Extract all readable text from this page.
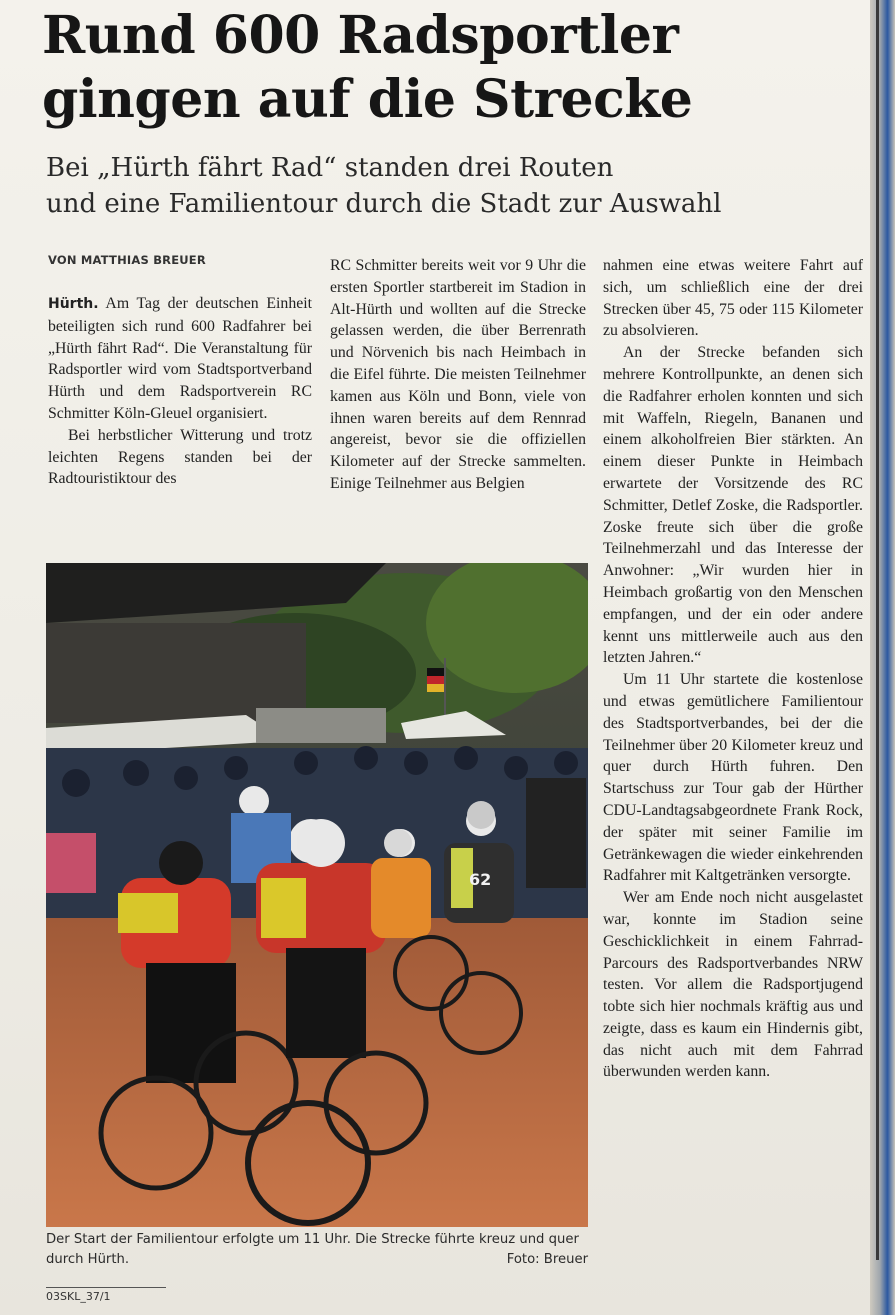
Rund 600 Radsportler
gingen auf die Strecke
Bei „Hürth fährt Rad“ standen drei Routen
und eine Familientour durch die Stadt zur Auswahl
VON MATTHIAS BREUER

Hürth. Am Tag der deutschen Einheit beteiligten sich rund 600 Radfahrer bei „Hürth fährt Rad“. Die Veranstaltung für Radsportler wird vom Stadtsportverband Hürth und dem Radsportverein RC Schmitter Köln-Gleuel organisiert.

Bei herbstlicher Witterung und trotz leichten Regens standen bei der Radtouristiktour des

RC Schmitter bereits weit vor 9 Uhr die ersten Sportler startbereit im Stadion in Alt-Hürth und wollten auf die Strecke gelassen werden, die über Berrenrath und Nörvenich bis nach Heimbach in die Eifel führte. Die meisten Teilnehmer kamen aus Köln und Bonn, viele von ihnen waren bereits auf dem Rennrad angereist, bevor sie die offiziellen Kilometer auf der Strecke sammelten. Einige Teilnehmer aus Belgien

nahmen eine etwas weitere Fahrt auf sich, um schließlich eine der drei Strecken über 45, 75 oder 115 Kilometer zu absolvieren.

An der Strecke befanden sich mehrere Kontrollpunkte, an denen sich die Radfahrer erholen konnten und sich mit Waffeln, Riegeln, Bananen und einem alkoholfreien Bier stärkten. An einem dieser Punkte in Heimbach erwartete der Vorsitzende des RC Schmitter, Detlef Zoske, die Radsportler. Zoske freute sich über die große Teilnehmerzahl und das Interesse der Anwohner: „Wir wurden hier in Heimbach großartig von den Menschen empfangen, und der ein oder andere kennt uns mittlerweile auch aus den letzten Jahren.“

Um 11 Uhr startete die kostenlose und etwas gemütlichere Familientour des Stadtsportverbandes, bei der die Teilnehmer über 20 Kilometer kreuz und quer durch Hürth fuhren. Den Startschuss zur Tour gab der Hürther CDU-Landtagsabgeordnete Frank Rock, der später mit seiner Familie im Getränkewagen die wieder einkehrenden Radfahrer mit Kaltgetränken versorgte.

Wer am Ende noch nicht ausgelastet war, konnte im Stadion seine Geschicklichkeit in einem Fahrrad-Parcours des Radsportverbandes NRW testen. Vor allem die Radsportjugend tobte sich hier nochmals kräftig aus und zeigte, dass es kaum ein Hindernis gibt, das nicht auch mit dem Fahrrad überwunden werden kann.

62
Der Start der Familientour erfolgte um 11 Uhr. Die Strecke führte kreuz und quer durch Hürth.	Foto: Breuer
03SKL_37/1
